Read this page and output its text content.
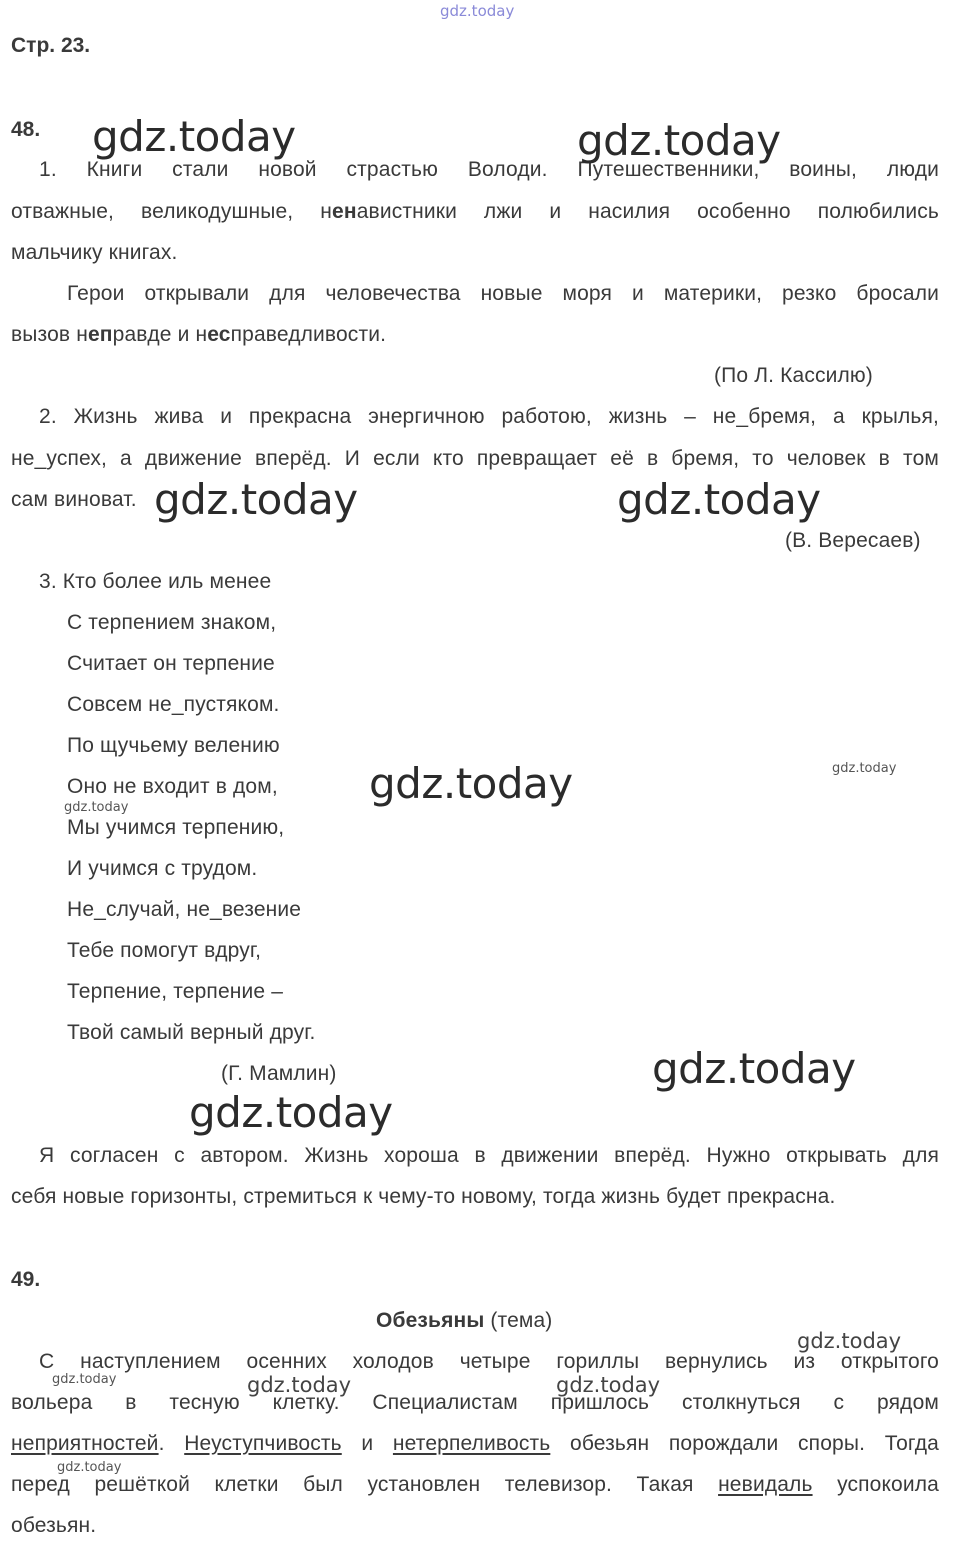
gdz.today
Стр. 23.
48.
1. Книги стали новой страстью Володи. Путешественники, воины, люди
отважные, великодушные, ненавистники лжи и насилия особенно полюбились
мальчику книгах.
Герои открывали для человечества новые моря и материки, резко бросали
вызов неправде и несправедливости.
(По Л. Кассилю)
2. Жизнь жива и прекрасна энергичною работою, жизнь – не_бремя, а крылья,
не_успех, а движение вперёд. И если кто превращает её в бремя, то человек в том
сам виноват.
(В. Вересаев)
3. Кто более иль менее
С терпением знаком,
Считает он терпение
Совсем не_пустяком.
По щучьему велению
Оно не входит в дом,
Мы учимся терпению,
И учимся с трудом.
Не_случай, не_везение
Тебе помогут вдруг,
Терпение, терпение –
Твой самый верный друг.
(Г. Мамлин)
Я согласен с автором. Жизнь хороша в движении вперёд. Нужно открывать для
себя новые горизонты, стремиться к чему-то новому, тогда жизнь будет прекрасна.
49.
Обезьяны (тема)
С наступлением осенних холодов четыре гориллы вернулись из открытого
вольера в тесную клетку. Специалистам пришлось столкнуться с рядом
неприятностей. Неуступчивость и нетерпеливость обезьян порождали споры. Тогда
перед решёткой клетки был установлен телевизор. Такая невидаль успокоила
обезьян.
gdz.today	gdz.today
gdz.today	gdz.today
gdz.today	gdz.today
gdz.today
gdz.today
gdz.today
gdz.today
gdz.today	gdz.today	gdz.today
gdz.today
